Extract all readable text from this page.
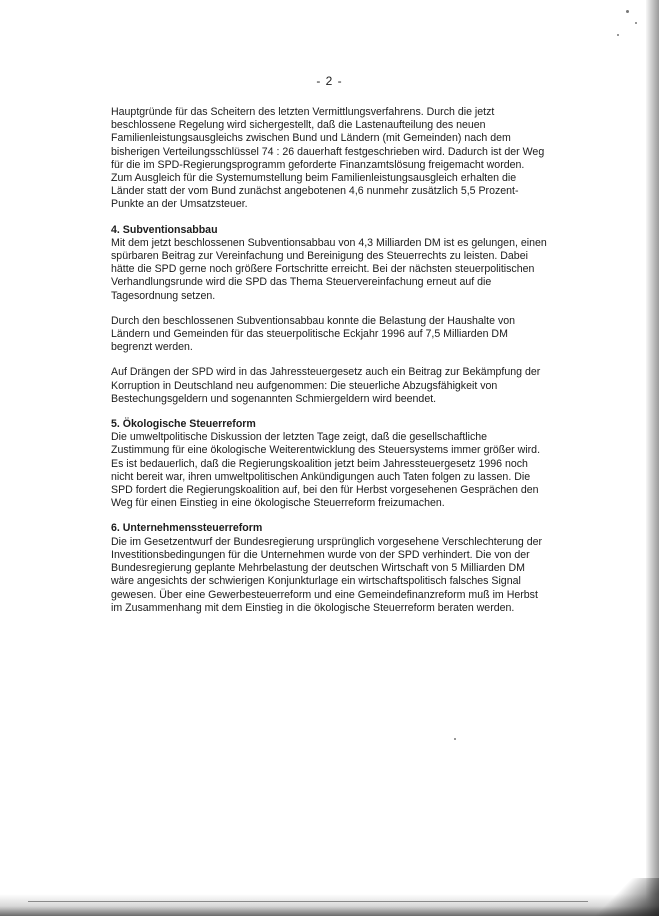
- 2 -

Hauptgründe für das Scheitern des letzten Vermittlungsverfahrens. Durch die jetzt beschlossene Regelung wird sichergestellt, daß die Lastenaufteilung des neuen Familienleistungsausgleichs zwischen Bund und Ländern (mit Gemeinden) nach dem bisherigen Verteilungsschlüssel 74 : 26 dauerhaft festgeschrieben wird. Dadurch ist der Weg für die im SPD-Regierungsprogramm geforderte Finanzamtslösung freigemacht worden. Zum Ausgleich für die Systemumstellung beim Familienleistungsausgleich erhalten die Länder statt der vom Bund zunächst angebotenen 4,6 nunmehr zusätzlich 5,5 Prozent-Punkte an der Umsatzsteuer.

4. Subventionsabbau

Mit dem jetzt beschlossenen Subventionsabbau von 4,3 Milliarden DM ist es gelungen, einen spürbaren Beitrag zur Vereinfachung und Bereinigung des Steuerrechts zu leisten. Dabei hätte die SPD gerne noch größere Fortschritte erreicht. Bei der nächsten steuerpolitischen Verhandlungsrunde wird die SPD das Thema Steuervereinfachung erneut auf die Tagesordnung setzen.

Durch den beschlossenen Subventionsabbau konnte die Belastung der Haushalte von Ländern und Gemeinden für das steuerpolitische Eckjahr 1996 auf 7,5 Milliarden DM begrenzt werden.

Auf Drängen der SPD wird in das Jahressteuergesetz auch ein Beitrag zur Bekämpfung der Korruption in Deutschland neu aufgenommen: Die steuerliche Abzugsfähigkeit von Bestechungsgeldern und sogenannten Schmiergeldern wird beendet.

5. Ökologische Steuerreform

Die umweltpolitische Diskussion der letzten Tage zeigt, daß die gesellschaftliche Zustimmung für eine ökologische Weiterentwicklung des Steuersystems immer größer wird. Es ist bedauerlich, daß die Regierungskoalition jetzt beim Jahressteuergesetz 1996 noch nicht bereit war, ihren umweltpolitischen Ankündigungen auch Taten folgen zu lassen. Die SPD fordert die Regierungskoalition auf, bei den für Herbst vorgesehenen Gesprächen den Weg für einen Einstieg in eine ökologische Steuerreform freizumachen.

6. Unternehmenssteuerreform

Die im Gesetzentwurf der Bundesregierung ursprünglich vorgesehene Verschlechterung der Investitionsbedingungen für die Unternehmen wurde von der SPD verhindert. Die von der Bundesregierung geplante Mehrbelastung der deutschen Wirtschaft von 5 Milliarden DM wäre angesichts der schwierigen Konjunkturlage ein wirtschaftspolitisch falsches Signal gewesen. Über eine Gewerbesteuerreform und eine Gemeindefinanzreform muß im Herbst im Zusammenhang mit dem Einstieg in die ökologische Steuerreform beraten werden.
